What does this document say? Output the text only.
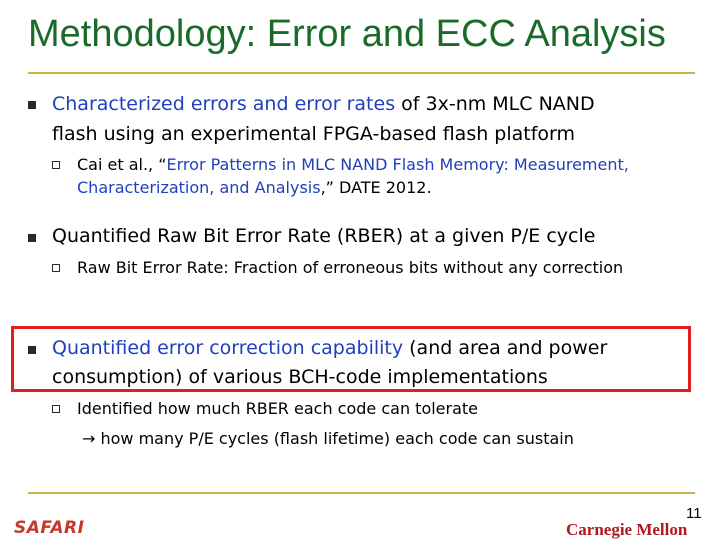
Methodology: Error and ECC Analysis
Characterized errors and error rates of 3x-nm MLC NAND
flash using an experimental FPGA-based flash platform
Cai et al., “Error Patterns in MLC NAND Flash Memory: Measurement,
Characterization, and Analysis,” DATE 2012.
Quantified Raw Bit Error Rate (RBER) at a given P/E cycle
Raw Bit Error Rate: Fraction of erroneous bits without any correction
Quantified error correction capability (and area and power
consumption) of various BCH-code implementations
Identified how much RBER each code can tolerate
→ how many P/E cycles (flash lifetime) each code can sustain
SAFARI	Carnegie Mellon
11
